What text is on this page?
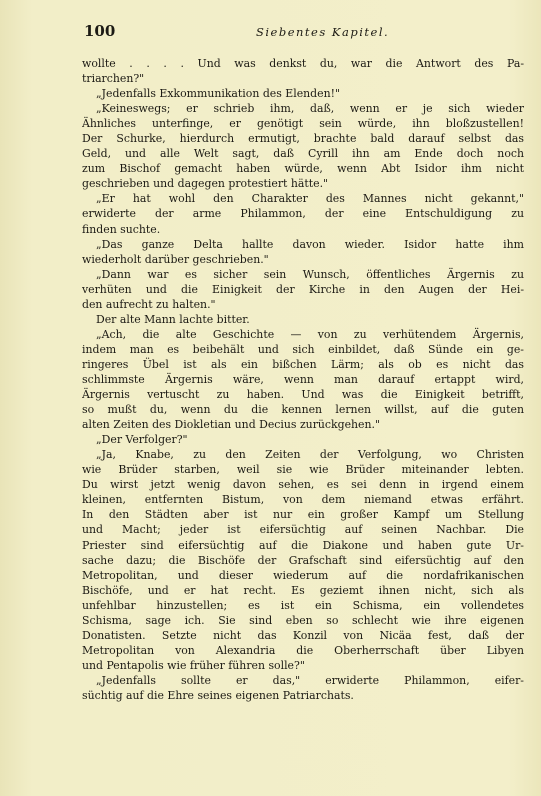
100	Siebentes Kapitel.
wollte . . . . Und was denkst du, war die Antwort des Pa-
triarchen?"
„Jedenfalls Exkommunikation des Elenden!"
„Keineswegs; er schrieb ihm, daß, wenn er je sich wieder
Ähnliches unterfinge, er genötigt sein würde, ihn bloßzustellen!
Der Schurke, hierdurch ermutigt, brachte bald darauf selbst das
Geld, und alle Welt sagt, daß Cyrill ihn am Ende doch noch
zum Bischof gemacht haben würde, wenn Abt Isidor ihm nicht
geschrieben und dagegen protestiert hätte."
„Er hat wohl den Charakter des Mannes nicht gekannt,"
erwiderte der arme Philammon, der eine Entschuldigung zu
finden suchte.
„Das ganze Delta hallte davon wieder. Isidor hatte ihm
wiederholt darüber geschrieben."
„Dann war es sicher sein Wunsch, öffentliches Ärgernis zu
verhüten und die Einigkeit der Kirche in den Augen der Hei-
den aufrecht zu halten."
Der alte Mann lachte bitter.
„Ach, die alte Geschichte — von zu verhütendem Ärgernis,
indem man es beibehält und sich einbildet, daß Sünde ein ge-
ringeres Übel ist als ein bißchen Lärm; als ob es nicht das
schlimmste Ärgernis wäre, wenn man darauf ertappt wird,
Ärgernis vertuscht zu haben. Und was die Einigkeit betrifft,
so mußt du, wenn du die kennen lernen willst, auf die guten
alten Zeiten des Diokletian und Decius zurückgehen."
„Der Verfolger?"
„Ja, Knabe, zu den Zeiten der Verfolgung, wo Christen
wie Brüder starben, weil sie wie Brüder miteinander lebten.
Du wirst jetzt wenig davon sehen, es sei denn in irgend einem
kleinen, entfernten Bistum, von dem niemand etwas erfährt.
In den Städten aber ist nur ein großer Kampf um Stellung
und Macht; jeder ist eifersüchtig auf seinen Nachbar. Die
Priester sind eifersüchtig auf die Diakone und haben gute Ur-
sache dazu; die Bischöfe der Grafschaft sind eifersüchtig auf den
Metropolitan, und dieser wiederum auf die nordafrikanischen
Bischöfe, und er hat recht. Es geziemt ihnen nicht, sich als
unfehlbar hinzustellen; es ist ein Schisma, ein vollendetes
Schisma, sage ich. Sie sind eben so schlecht wie ihre eigenen
Donatisten. Setzte nicht das Konzil von Nicäa fest, daß der
Metropolitan von Alexandria die Oberherrschaft über Libyen
und Pentapolis wie früher führen solle?"
„Jedenfalls sollte er das," erwiderte Philammon, eifer-
süchtig auf die Ehre seines eigenen Patriarchats.
